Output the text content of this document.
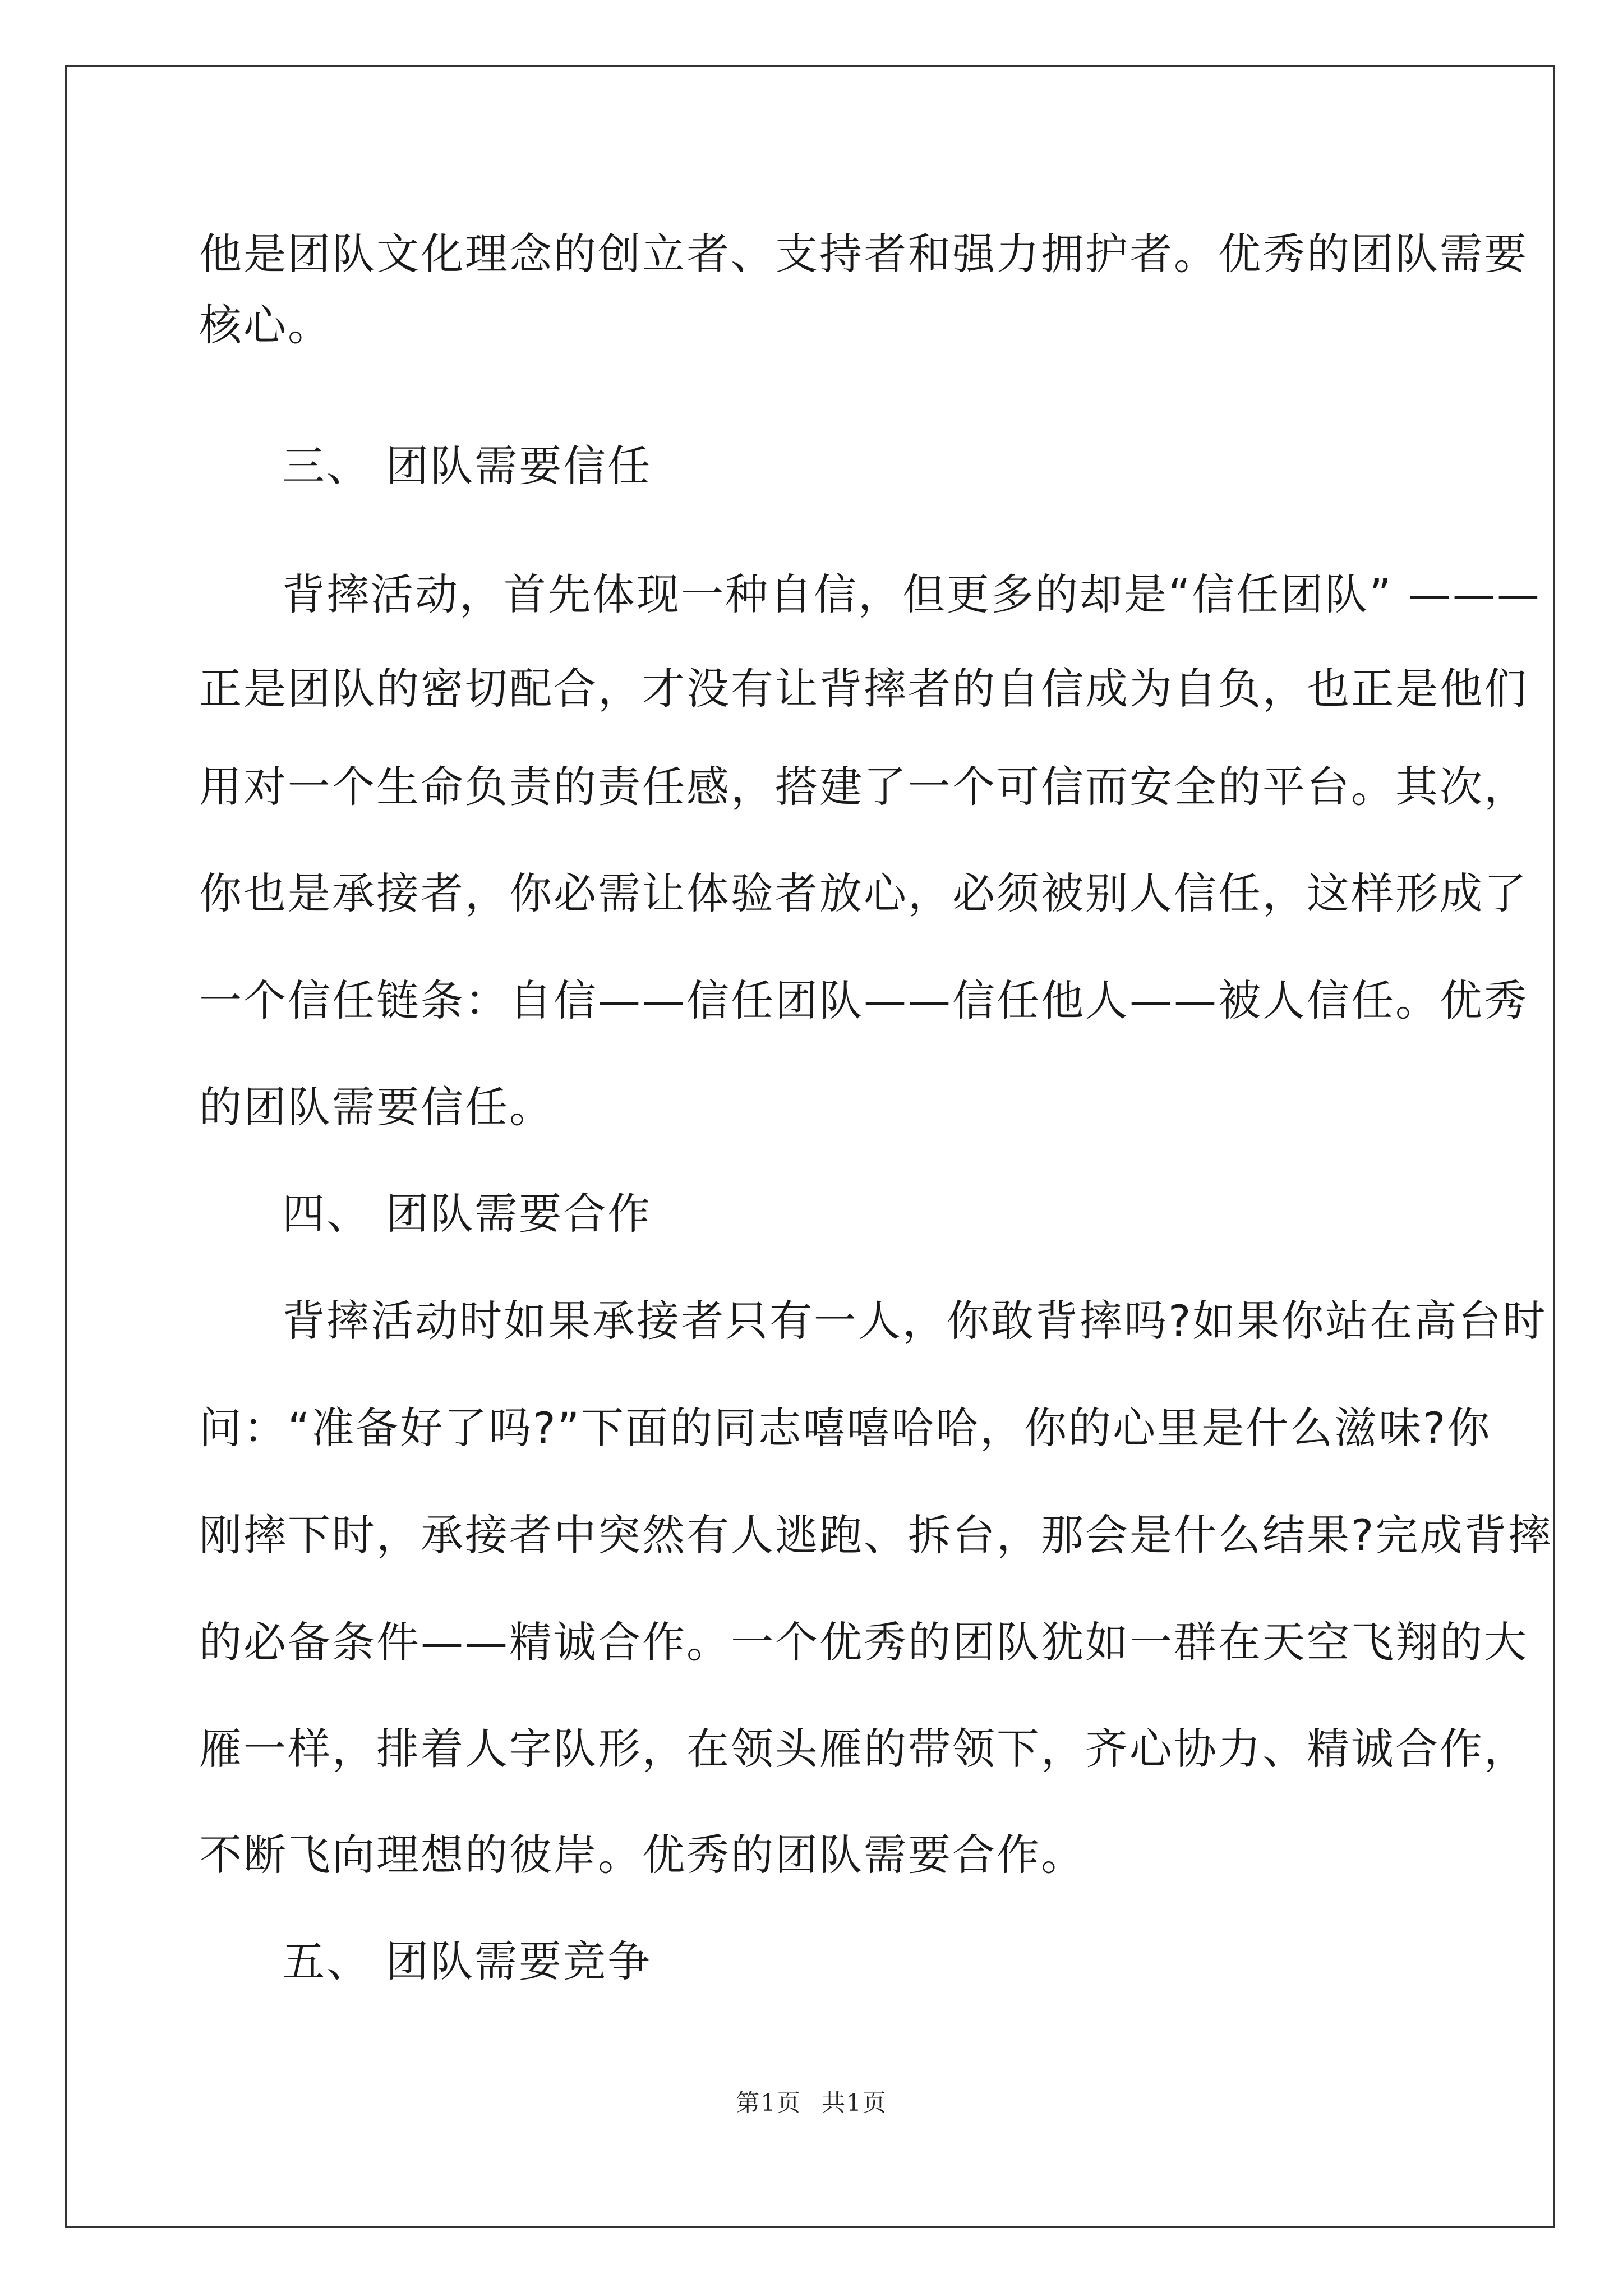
他是团队文化理念的创立者、支持者和强力拥护者。优秀的团队需要
核心。
三、 团队需要信任
背摔活动，首先体现一种自信，但更多的却是“信任团队” ———
正是团队的密切配合，才没有让背摔者的自信成为自负，也正是他们
用对一个生命负责的责任感，搭建了一个可信而安全的平台。其次，
你也是承接者，你必需让体验者放心，必须被别人信任，这样形成了
一个信任链条：自信——信任团队——信任他人——被人信任。优秀
的团队需要信任。
四、 团队需要合作
背摔活动时如果承接者只有一人，你敢背摔吗?如果你站在高台时
问：“准备好了吗?”下面的同志嘻嘻哈哈，你的心里是什么滋味?你
刚摔下时，承接者中突然有人逃跑、拆台，那会是什么结果?完成背摔
的必备条件——精诚合作。一个优秀的团队犹如一群在天空飞翔的大
雁一样，排着人字队形，在领头雁的带领下，齐心协力、精诚合作，
不断飞向理想的彼岸。优秀的团队需要合作。
五、 团队需要竞争
第1页 共1页
